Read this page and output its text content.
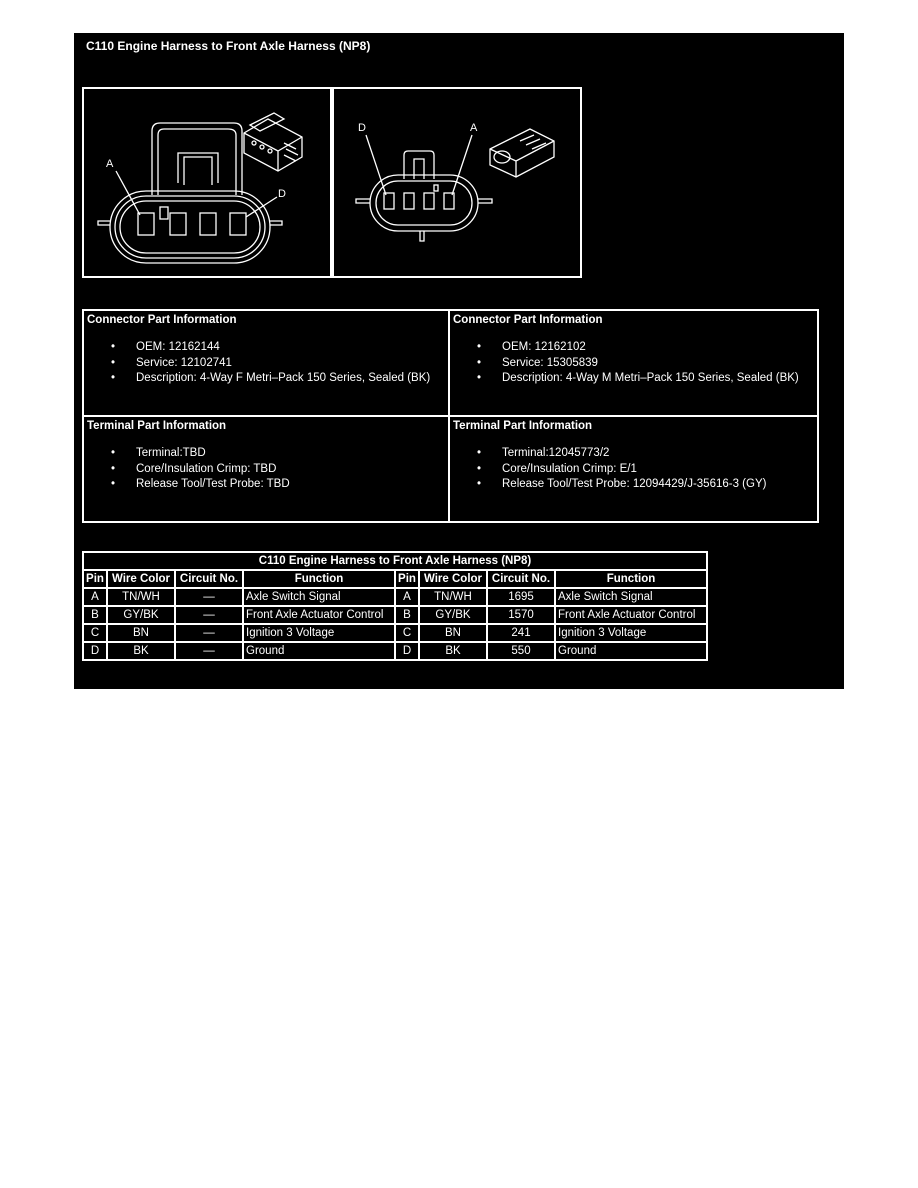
C110 Engine Harness to Front Axle Harness (NP8)
A
D
D	A
Connector Part Information
• OEM: 12162144
• Service: 12102741
• Description: 4-Way F Metri–Pack 150 Series, Sealed (BK)
Connector Part Information
• OEM: 12162102
• Service: 15305839
• Description: 4-Way M Metri–Pack 150 Series, Sealed (BK)
Terminal Part Information
• Terminal:TBD
• Core/Insulation Crimp: TBD
• Release Tool/Test Probe: TBD
Terminal Part Information
• Terminal:12045773/2
• Core/Insulation Crimp: E/1
• Release Tool/Test Probe: 12094429/J-35616-3 (GY)
C110 Engine Harness to Front Axle Harness (NP8)							
Pin	Wire Color	Circuit No.	Function	Pin	Wire Color	Circuit No.	Function
A	TN/WH	—	Axle Switch Signal	A	TN/WH	1695	Axle Switch Signal
B	GY/BK	—	Front Axle Actuator Control	B	GY/BK	1570	Front Axle Actuator Control
C	BN	—	Ignition 3 Voltage	C	BN	241	Ignition 3 Voltage
D	BK	—	Ground	D	BK	550	Ground
